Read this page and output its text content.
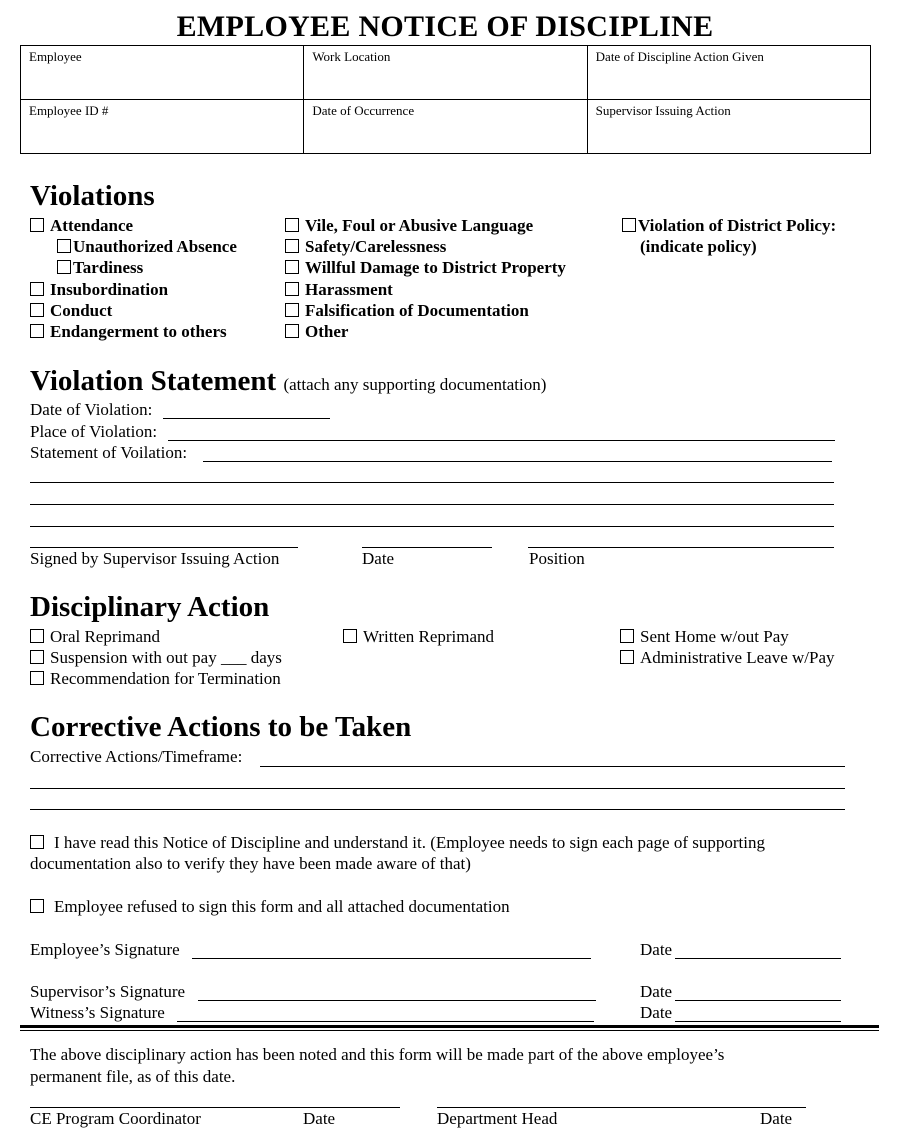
EMPLOYEE NOTICE OF DISCIPLINE
Employee	Work Location	Date of Discipline Action Given
Employee ID #	Date of Occurrence	Supervisor Issuing Action
Violations
Attendance
Unauthorized Absence
Tardiness
Insubordination
Conduct
Endangerment to others
Vile, Foul or Abusive Language
Safety/Carelessness
Willful Damage to District Property
Harassment
Falsification of Documentation
Other
Violation of District Policy:
(indicate policy)
Violation Statement (attach any supporting documentation)
Date of Violation:
Place of Violation:
Statement of Voilation:
Signed by Supervisor Issuing Action	Date	Position
Disciplinary Action
Oral Reprimand
Suspension with out pay ___ days
Recommendation for Termination
Written Reprimand	Sent Home w/out Pay
Administrative Leave w/Pay
Corrective Actions to be Taken
Corrective Actions/Timeframe:
I have read this Notice of Discipline and understand it. (Employee needs to sign each page of supporting
documentation also to verify they have been made aware of that)
Employee refused to sign this form and all attached documentation
Employee’s Signature	Date
Supervisor’s Signature	Date
Witness’s Signature	Date
The above disciplinary action has been noted and this form will be made part of the above employee’s
permanent file, as of this date.
CE Program Coordinator	Date	Department Head	Date
